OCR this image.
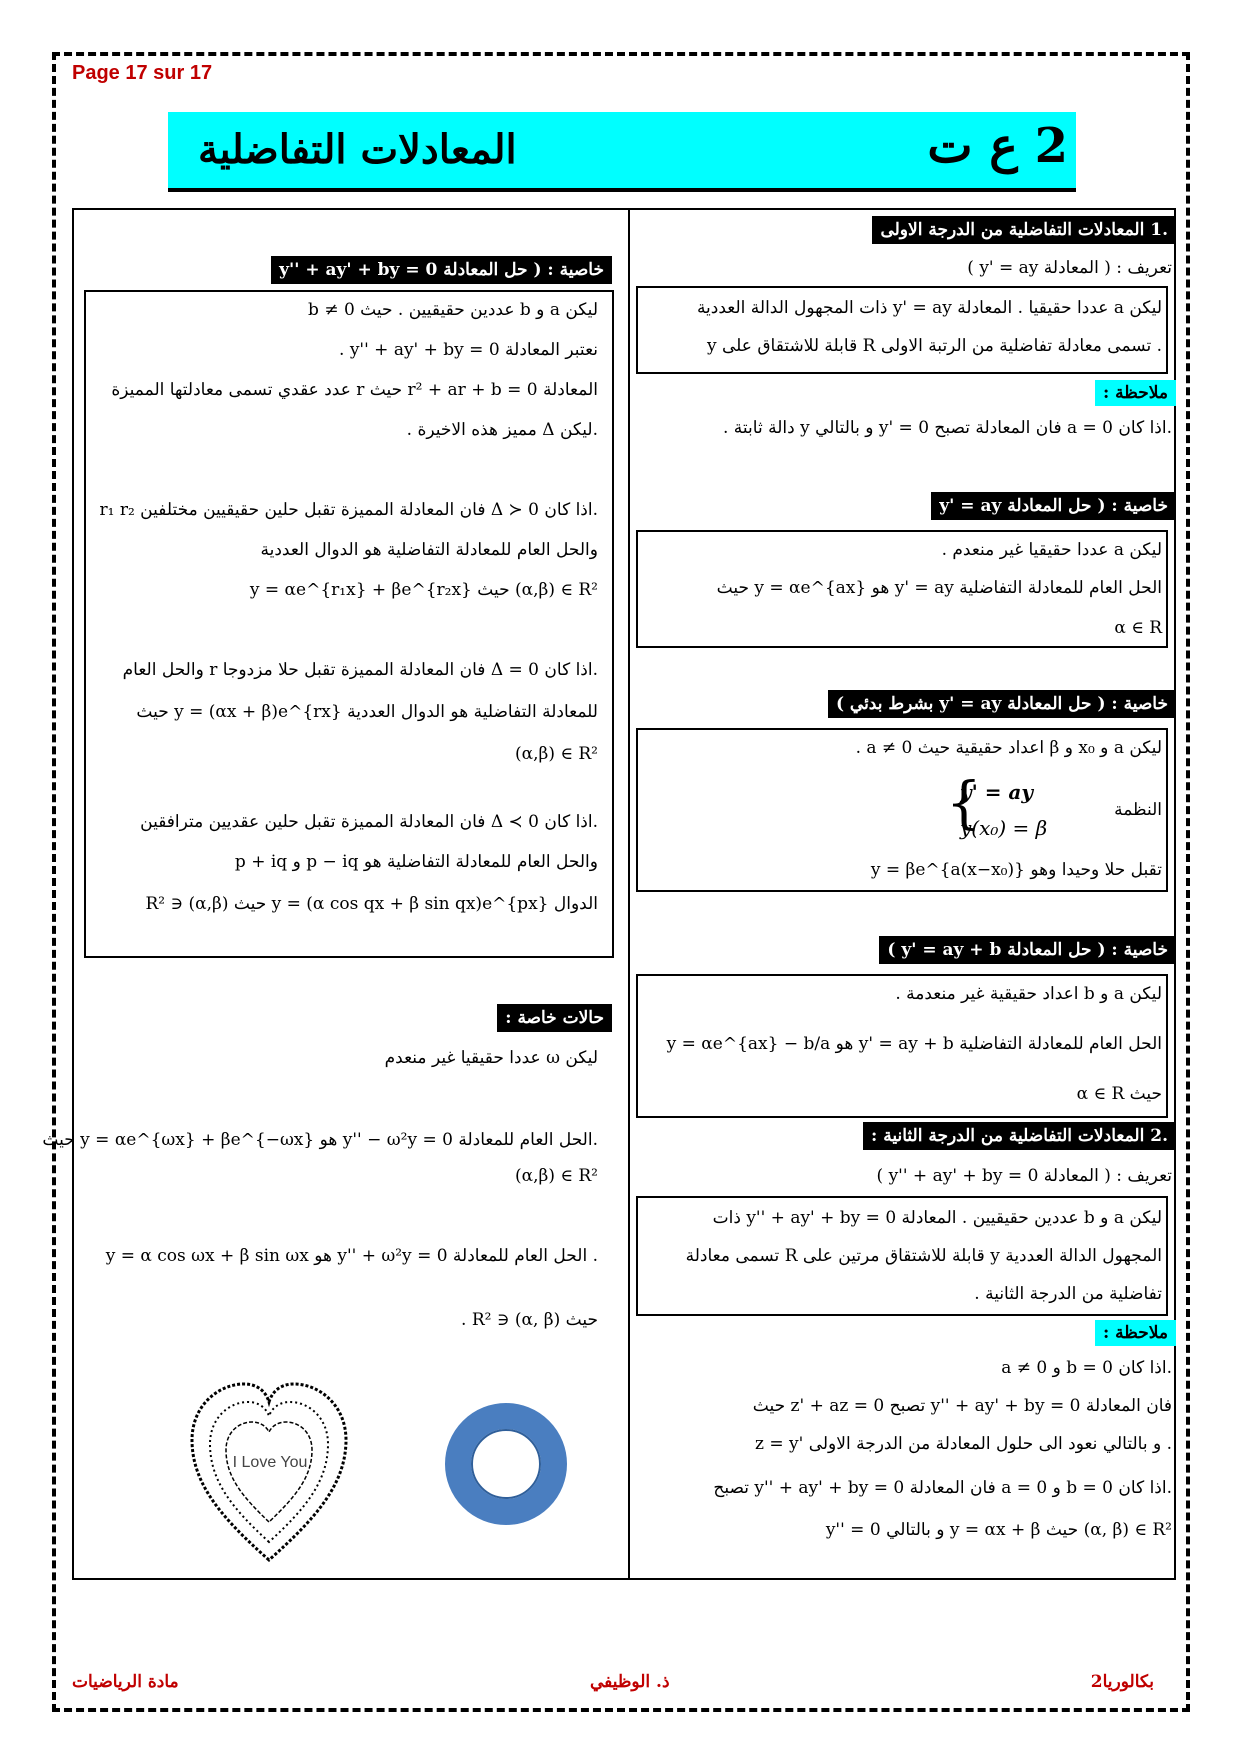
Page 17 sur 17
المعادلات التفاضلية	2 ع ت
.1 المعادلات التفاضلية من الدرجة الاولى
تعريف : ( المعادلة y' = ay )
ليكن a عددا حقيقيا . المعادلة y' = ay ذات المجهول الدالة العددية
y قابلة للاشتقاق على R تسمى معادلة تفاضلية من الرتبة الاولى .
ملاحظة :
.اذا كان a = 0 فان المعادلة تصبح y' = 0 و بالتالي y دالة ثابتة .
خاصية : ( حل المعادلة y' = ay
ليكن a عددا حقيقيا غير منعدم .
الحل العام للمعادلة التفاضلية y' = ay هو y = αe^{ax} حيث
α ∈ R
خاصية : ( حل المعادلة y' = ay بشرط بدئي )
ليكن a و x₀ و β اعداد حقيقية حيث a ≠ 0 .
النظمة
y' = ay
y(x₀) = β
{
تقبل حلا وحيدا وهو y = βe^{a(x−x₀)}
خاصية : ( حل المعادلة y' = ay + b )
ليكن a و b اعداد حقيقية غير منعدمة .
الحل العام للمعادلة التفاضلية y' = ay + b هو y = αe^{ax} − b/a
حيث α ∈ R
.2 المعادلات التفاضلية من الدرجة الثانية :
تعريف : ( المعادلة y'' + ay' + by = 0 )
ليكن a و b عددين حقيقيين . المعادلة y'' + ay' + by = 0 ذات
المجهول الدالة العددية y قابلة للاشتقاق مرتين على R تسمى معادلة
تفاضلية من الدرجة الثانية .
ملاحظة :
.اذا كان b = 0 و a ≠ 0
فان المعادلة y'' + ay' + by = 0 تصبح z' + az = 0 حيث
z = y' و بالتالي نعود الى حلول المعادلة من الدرجة الاولى .
.اذا كان b = 0 و a = 0 فان المعادلة y'' + ay' + by = 0 تصبح
y'' = 0 و بالتالي y = αx + β حيث (α, β) ∈ R²
خاصية : ( حل المعادلة y'' + ay' + by = 0
ليكن a و b عددين حقيقيين . حيث b ≠ 0
نعتبر المعادلة y'' + ay' + by = 0 .
المعادلة r² + ar + b = 0 حيث r عدد عقدي تسمى معادلتها المميزة
.ليكن Δ مميز هذه الاخيرة .
.اذا كان Δ ≻ 0 فان المعادلة المميزة تقبل حلين حقيقيين مختلفين r₁ r₂
والحل العام للمعادلة التفاضلية هو الدوال العددية
y = αe^{r₁x} + βe^{r₂x} حيث (α,β) ∈ R²
.اذا كان Δ = 0 فان المعادلة المميزة تقبل حلا مزدوجا r والحل العام
للمعادلة التفاضلية هو الدوال العددية y = (αx + β)e^{rx} حيث
(α,β) ∈ R²
.اذا كان Δ ≺ 0 فان المعادلة المميزة تقبل حلين عقديين مترافقين
p + iq و p − iq والحل العام للمعادلة التفاضلية هو
الدوال y = (α cos qx + β sin qx)e^{px} حيث (α,β) ∈ R²
حالات خاصة :
ليكن ω عددا حقيقيا غير منعدم
.الحل العام للمعادلة y'' − ω²y = 0 هو y = αe^{ωx} + βe^{−ωx} حيث
(α,β) ∈ R²
. الحل العام للمعادلة y'' + ω²y = 0 هو y = α cos ωx + β sin ωx
حيث (α, β) ∈ R² .
I Love You
2بكالوريا
ذ. الوظيفي
مادة الرياضيات
